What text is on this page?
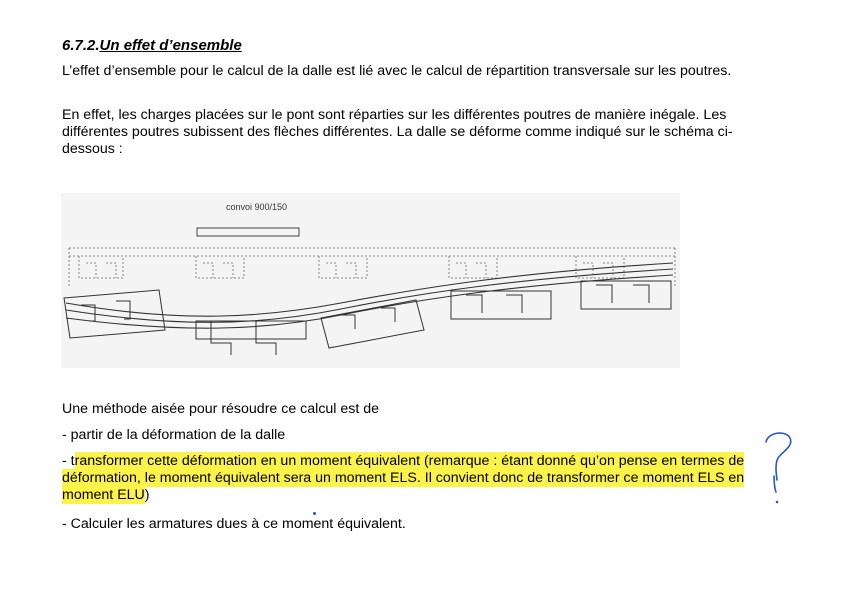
6.7.2.Un effet d’ensemble

L’effet d’ensemble pour le calcul de la dalle est lié avec le calcul de répartition transversale sur les poutres.

En effet, les charges placées sur le pont sont réparties sur les différentes poutres de manière inégale. Les différentes poutres subissent des flèches différentes. La dalle se déforme comme indiqué sur le schéma ci-dessous :

convoi 900/150

Une méthode aisée pour résoudre ce calcul est de

- partir de la déformation de la dalle

- transformer cette déformation en un moment équivalent (remarque : étant donné qu’on pense en termes de déformation, le moment équivalent sera un moment ELS. Il convient donc de transformer ce moment ELS en moment ELU)

- Calculer les armatures dues à ce moment équivalent.
